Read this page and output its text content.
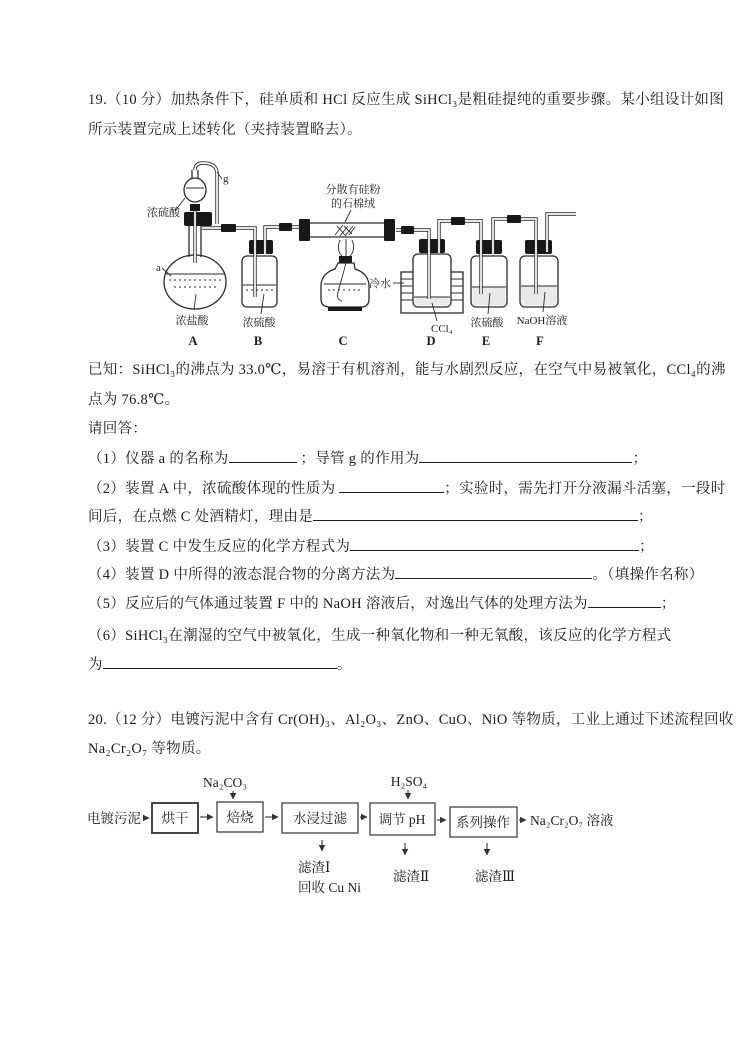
19.（10 分）加热条件下，硅单质和 HCl 反应生成 SiHCl₃是粗硅提纯的重要步骤。某小组设计如图
所示装置完成上述转化（夹持装置略去）。
浓硫酸
g
a
浓盐酸
A
浓硫酸
B
分散有硅粉
的石棉绒
C
冷水
CCl₄
D
浓硫酸
E
NaOH溶液
F
已知：SiHCl₃的沸点为 33.0℃，易溶于有机溶剂，能与水剧烈反应，在空气中易被氧化，CCl₄的沸
点为 76.8℃。
请回答：
（1）仪器 a 的名称为	；导管 g 的作用为	；
（2）装置 A 中，浓硫酸体现的性质为	；实验时，需先打开分液漏斗活塞，一段时
间后，在点燃 C 处酒精灯，理由是	；
（3）装置 C 中发生反应的化学方程式为	；
（4）装置 D 中所得的液态混合物的分离方法为	。（填操作名称）
（5）反应后的气体通过装置 F 中的 NaOH 溶液后，对逸出气体的处理方法为	；
（6）SiHCl₃在潮湿的空气中被氧化，生成一种氧化物和一种无氧酸，该反应的化学方程式
为	。
20.（12 分）电镀污泥中含有 Cr(OH)₃、Al₂O₃、ZnO、CuO、NiO 等物质，工业上通过下述流程回收
Na₂Cr₂O₇ 等物质。
电镀污泥 烘干
Na₂CO₃
焙烧	水浸过滤
H₂SO₄
调节 pH 系列操作 Na₂Cr₂O₇ 溶液
滤渣Ⅰ
回收 Cu Ni
滤渣Ⅱ	滤渣Ⅲ
